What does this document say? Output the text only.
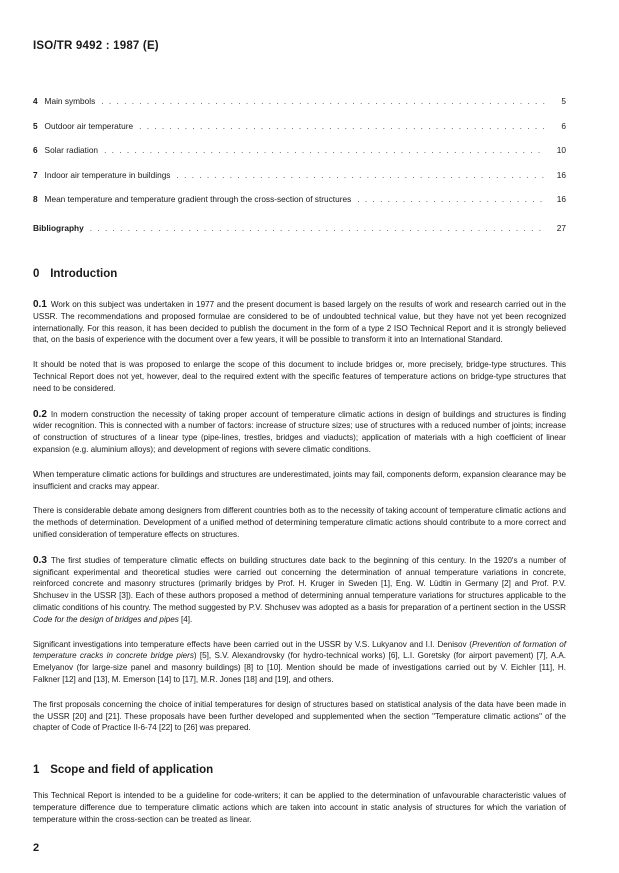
ISO/TR 9492 : 1987 (E)
4 Main symbols . . .	5
5 Outdoor air temperature . . .	6
6 Solar radiation . . .	10
7 Indoor air temperature in buildings . . .	16
8 Mean temperature and temperature gradient through the cross-section of structures . . .	16
Bibliography . . .	27
0 Introduction

0.1 Work on this subject was undertaken in 1977 and the present document is based largely on the results of work and research carried out in the USSR. The recommendations and proposed formulae are considered to be of undoubted technical value, but they have not yet been recognized internationally. For this reason, it has been decided to publish the document in the form of a type 2 ISO Technical Report and it is strongly believed that, on the basis of experience with the document over a few years, it will be possible to transform it into an International Standard.

It should be noted that is was proposed to enlarge the scope of this document to include bridges or, more precisely, bridge-type structures. This Technical Report does not yet, however, deal to the required extent with the specific features of temperature actions on bridge-type structures that need to be considered.

0.2 In modern construction the necessity of taking proper account of temperature climatic actions in design of buildings and structures is finding wider recognition. This is connected with a number of factors: increase of structure sizes; use of structures with a reduced number of joints; increase of construction of structures of a linear type (pipe-lines, trestles, bridges and viaducts); application of materials with a high coefficient of linear expansion (e.g. aluminium alloys); and development of regions with severe climatic conditions.

When temperature climatic actions for buildings and structures are underestimated, joints may fail, components deform, expansion clearance may be insufficient and cracks may appear.

There is considerable debate among designers from different countries both as to the necessity of taking account of temperature climatic actions and the methods of determination. Development of a unified method of determining temperature climatic actions should contribute to a more correct and unified consideration of temperature effects on structures.

0.3 The first studies of temperature climatic effects on building structures date back to the beginning of this century. In the 1920's a number of significant experimental and theoretical studies were carried out concerning the determination of annual temperature variations in concrete, reinforced concrete and masonry structures (primarily bridges by Prof. H. Kruger in Sweden [1], Eng. W. Lüdtin in Germany [2] and Prof. P.V. Shchusev in the USSR [3]). Each of these authors proposed a method of determining annual temperature variations for structures applicable to the climatic conditions of his country. The method suggested by P.V. Shchusev was adopted as a basis for preparation of a pertinent section in the USSR Code for the design of bridges and pipes [4].

Significant investigations into temperature effects have been carried out in the USSR by V.S. Lukyanov and I.I. Denisov (Prevention of formation of temperature cracks in concrete bridge piers) [5], S.V. Alexandrovsky (for hydro-technical works) [6], L.I. Goretsky (for airport pavement) [7], A.A. Emelyanov (for large-size panel and masonry buildings) [8] to [10]. Mention should be made of investigations carried out by V. Eichler [11], H. Falkner [12] and [13], M. Emerson [14] to [17], M.R. Jones [18] and [19], and others.

The first proposals concerning the choice of initial temperatures for design of structures based on statistical analysis of the data have been made in the USSR [20] and [21]. These proposals have been further developed and supplemented when the section "Temperature climatic actions" of the chapter of Code of Practice II-6-74 [22] to [26] was prepared.

1 Scope and field of application

This Technical Report is intended to be a guideline for code-writers; it can be applied to the determination of unfavourable characteristic values of temperature difference due to temperature climatic actions which are taken into account in static analysis of structures for which the variation of temperature within the cross-section can be treated as linear.

2
